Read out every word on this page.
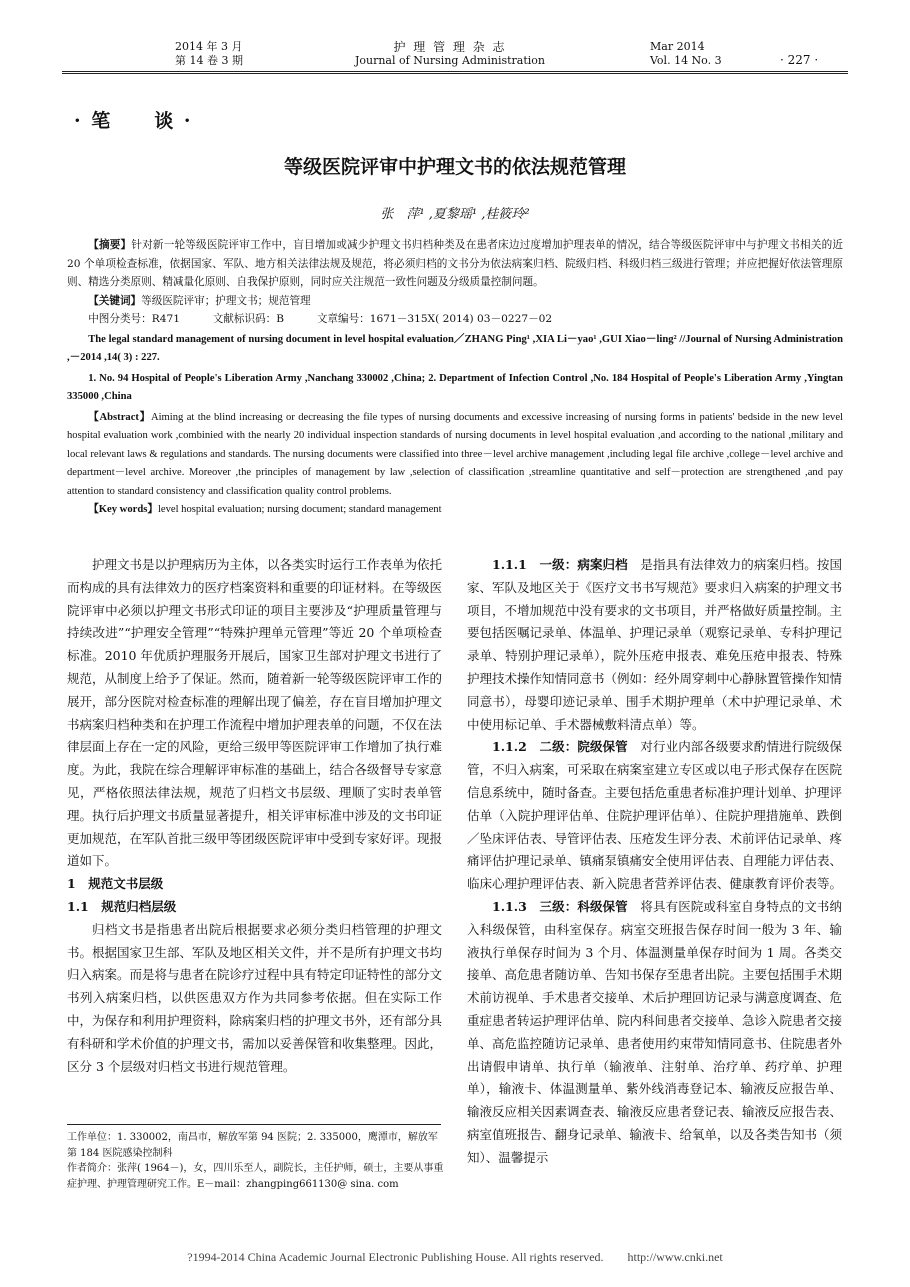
2014 年 3 月
第 14 卷 3 期
护 理 管 理 杂 志
Journal of Nursing Administration
Mar 2014
Vol. 14 No. 3	· 227 ·
· 笔　　谈 ·
等级医院评审中护理文书的依法规范管理
张　萍¹ ,夏黎瑶¹ ,桂筱玲²

【摘要】针对新一轮等级医院评审工作中，盲目增加或减少护理文书归档种类及在患者床边过度增加护理表单的情况，结合等级医院评审中与护理文书相关的近 20 个单项检查标准，依据国家、军队、地方相关法律法规及规范，将必须归档的文书分为依法病案归档、院级归档、科级归档三级进行管理；并应把握好依法管理原则、精选分类原则、精减量化原则、自我保护原则，同时应关注规范一致性问题及分级质量控制问题。

【关键词】等级医院评审；护理文书；规范管理

中图分类号：R471	文献标识码：B	文章编号：1671－315X( 2014) 03－0227－02

The legal standard management of nursing document in level hospital evaluation／ZHANG Ping¹ ,XIA Li－yao¹ ,GUI Xiao－ling² //Journal of Nursing Administration ,－2014 ,14( 3) : 227.

1. No. 94 Hospital of People's Liberation Army ,Nanchang 330002 ,China; 2. Department of Infection Control ,No. 184 Hospital of People's Liberation Army ,Yingtan 335000 ,China

【Abstract】Aiming at the blind increasing or decreasing the file types of nursing documents and excessive increasing of nursing forms in patients' bedside in the new level hospital evaluation work ,combinied with the nearly 20 individual inspection standards of nursing documents in level hospital evaluation ,and according to the national ,military and local relevant laws & regulations and standards. The nursing documents were classified into three－level archive management ,including legal file archive ,college－level archive and department－level archive. Moreover ,the principles of management by law ,selection of classification ,streamline quantitative and self－protection are strengthened ,and pay attention to standard consistency and classification quality control problems.

【Key words】level hospital evaluation; nursing document; standard management

护理文书是以护理病历为主体，以各类实时运行工作表单为依托而构成的具有法律效力的医疗档案资料和重要的印证材料。在等级医院评审中必须以护理文书形式印证的项目主要涉及“护理质量管理与持续改进”“护理安全管理”“特殊护理单元管理”等近 20 个单项检查标准。2010 年优质护理服务开展后，国家卫生部对护理文书进行了规范，从制度上给予了保证。然而，随着新一轮等级医院评审工作的展开，部分医院对检查标准的理解出现了偏差，存在盲目增加护理文书病案归档种类和在护理工作流程中增加护理表单的问题，不仅在法律层面上存在一定的风险，更给三级甲等医院评审工作增加了执行难度。为此，我院在综合理解评审标准的基础上，结合各级督导专家意见，严格依照法律法规，规范了归档文书层级、理顺了实时表单管理。执行后护理文书质量显著提升，相关评审标准中涉及的文书印证更加规范，在军队首批三级甲等团级医院评审中受到专家好评。现报道如下。

1　规范文书层级

1.1　规范归档层级

归档文书是指患者出院后根据要求必须分类归档管理的护理文书。根据国家卫生部、军队及地区相关文件，并不是所有护理文书均归入病案。而是将与患者在院诊疗过程中具有特定印证特性的部分文书列入病案归档，以供医患双方作为共同参考依据。但在实际工作中，为保存和利用护理资料，除病案归档的护理文书外，还有部分具有科研和学术价值的护理文书，需加以妥善保管和收集整理。因此，区分 3 个层级对归档文书进行规范管理。

工作单位：1. 330002，南昌市，解放军第 94 医院；2. 335000，鹰潭市，解放军第 184 医院感染控制科

作者简介：张萍( 1964－)，女，四川乐至人，副院长，主任护师，硕士，主要从事重症护理、护理管理研究工作。E－mail：zhangping661130@ sina. com

1.1.1　一级：病案归档　 是指具有法律效力的病案归档。按国家、军队及地区关于《医疗文书书写规范》要求归入病案的护理文书项目，不增加规范中没有要求的文书项目，并严格做好质量控制。主要包括医嘱记录单、体温单、护理记录单（观察记录单、专科护理记录单、特别护理记录单），院外压疮申报表、难免压疮申报表、特殊护理技术操作知情同意书（例如：经外周穿刺中心静脉置管操作知情同意书），母婴印迹记录单、围手术期护理单（术中护理记录单、术中使用标记单、手术器械敷料清点单）等。

1.1.2　二级：院级保管　 对行业内部各级要求酌情进行院级保管，不归入病案，可采取在病案室建立专区或以电子形式保存在医院信息系统中，随时备查。主要包括危重患者标准护理计划单、护理评估单（入院护理评估单、住院护理评估单）、住院护理措施单、跌倒／坠床评估表、导管评估表、压疮发生评分表、术前评估记录单、疼痛评估护理记录单、镇痛泵镇痛安全使用评估表、自理能力评估表、临床心理护理评估表、新入院患者营养评估表、健康教育评价表等。

1.1.3　三级：科级保管　 将具有医院或科室自身特点的文书纳入科级保管，由科室保存。病室交班报告保存时间一般为 3 年、输液执行单保存时间为 3 个月、体温测量单保存时间为 1 周。各类交接单、高危患者随访单、告知书保存至患者出院。主要包括围手术期术前访视单、手术患者交接单、术后护理回访记录与满意度调查、危重症患者转运护理评估单、院内科间患者交接单、急诊入院患者交接单、高危监控随访记录单、患者使用约束带知情同意书、住院患者外出请假申请单、执行单（输液单、注射单、治疗单、药疗单、护理单），输液卡、体温测量单、紫外线消毒登记本、输液反应报告单、输液反应相关因素调查表、输液反应患者登记表、输液反应报告表、病室值班报告、翻身记录单、输液卡、给氧单，以及各类告知书（须知）、温馨提示

?1994-2014 China Academic Journal Electronic Publishing House. All rights reserved.　　http://www.cnki.net
